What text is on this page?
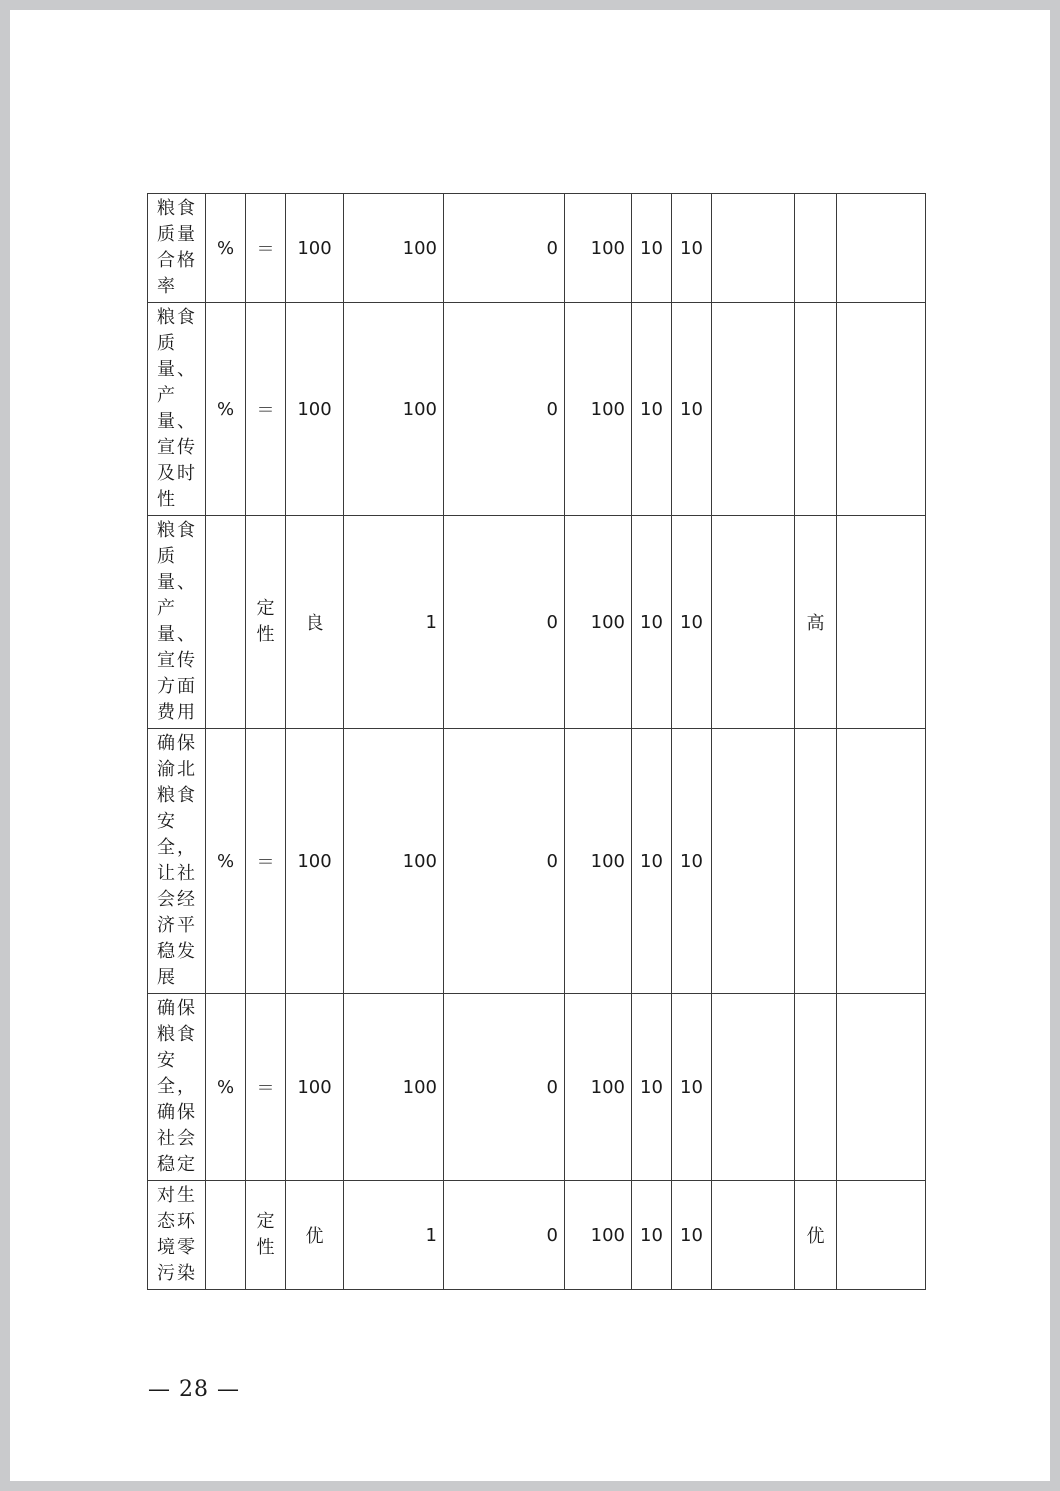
粮食质量合格率	%	＝	100	100	0	100	10	10			
粮食质量、产量、宣传及时性	%	＝	100	100	0	100	10	10			
粮食质量、产量、宣传方面费用		定性	良	1	0	100	10	10		高	
确保渝北粮食安全，让社会经济平稳发展	%	＝	100	100	0	100	10	10			
确保粮食安全，确保社会稳定	%	＝	100	100	0	100	10	10			
对生态环境零污染		定性	优	1	0	100	10	10		优	
— 28 —
